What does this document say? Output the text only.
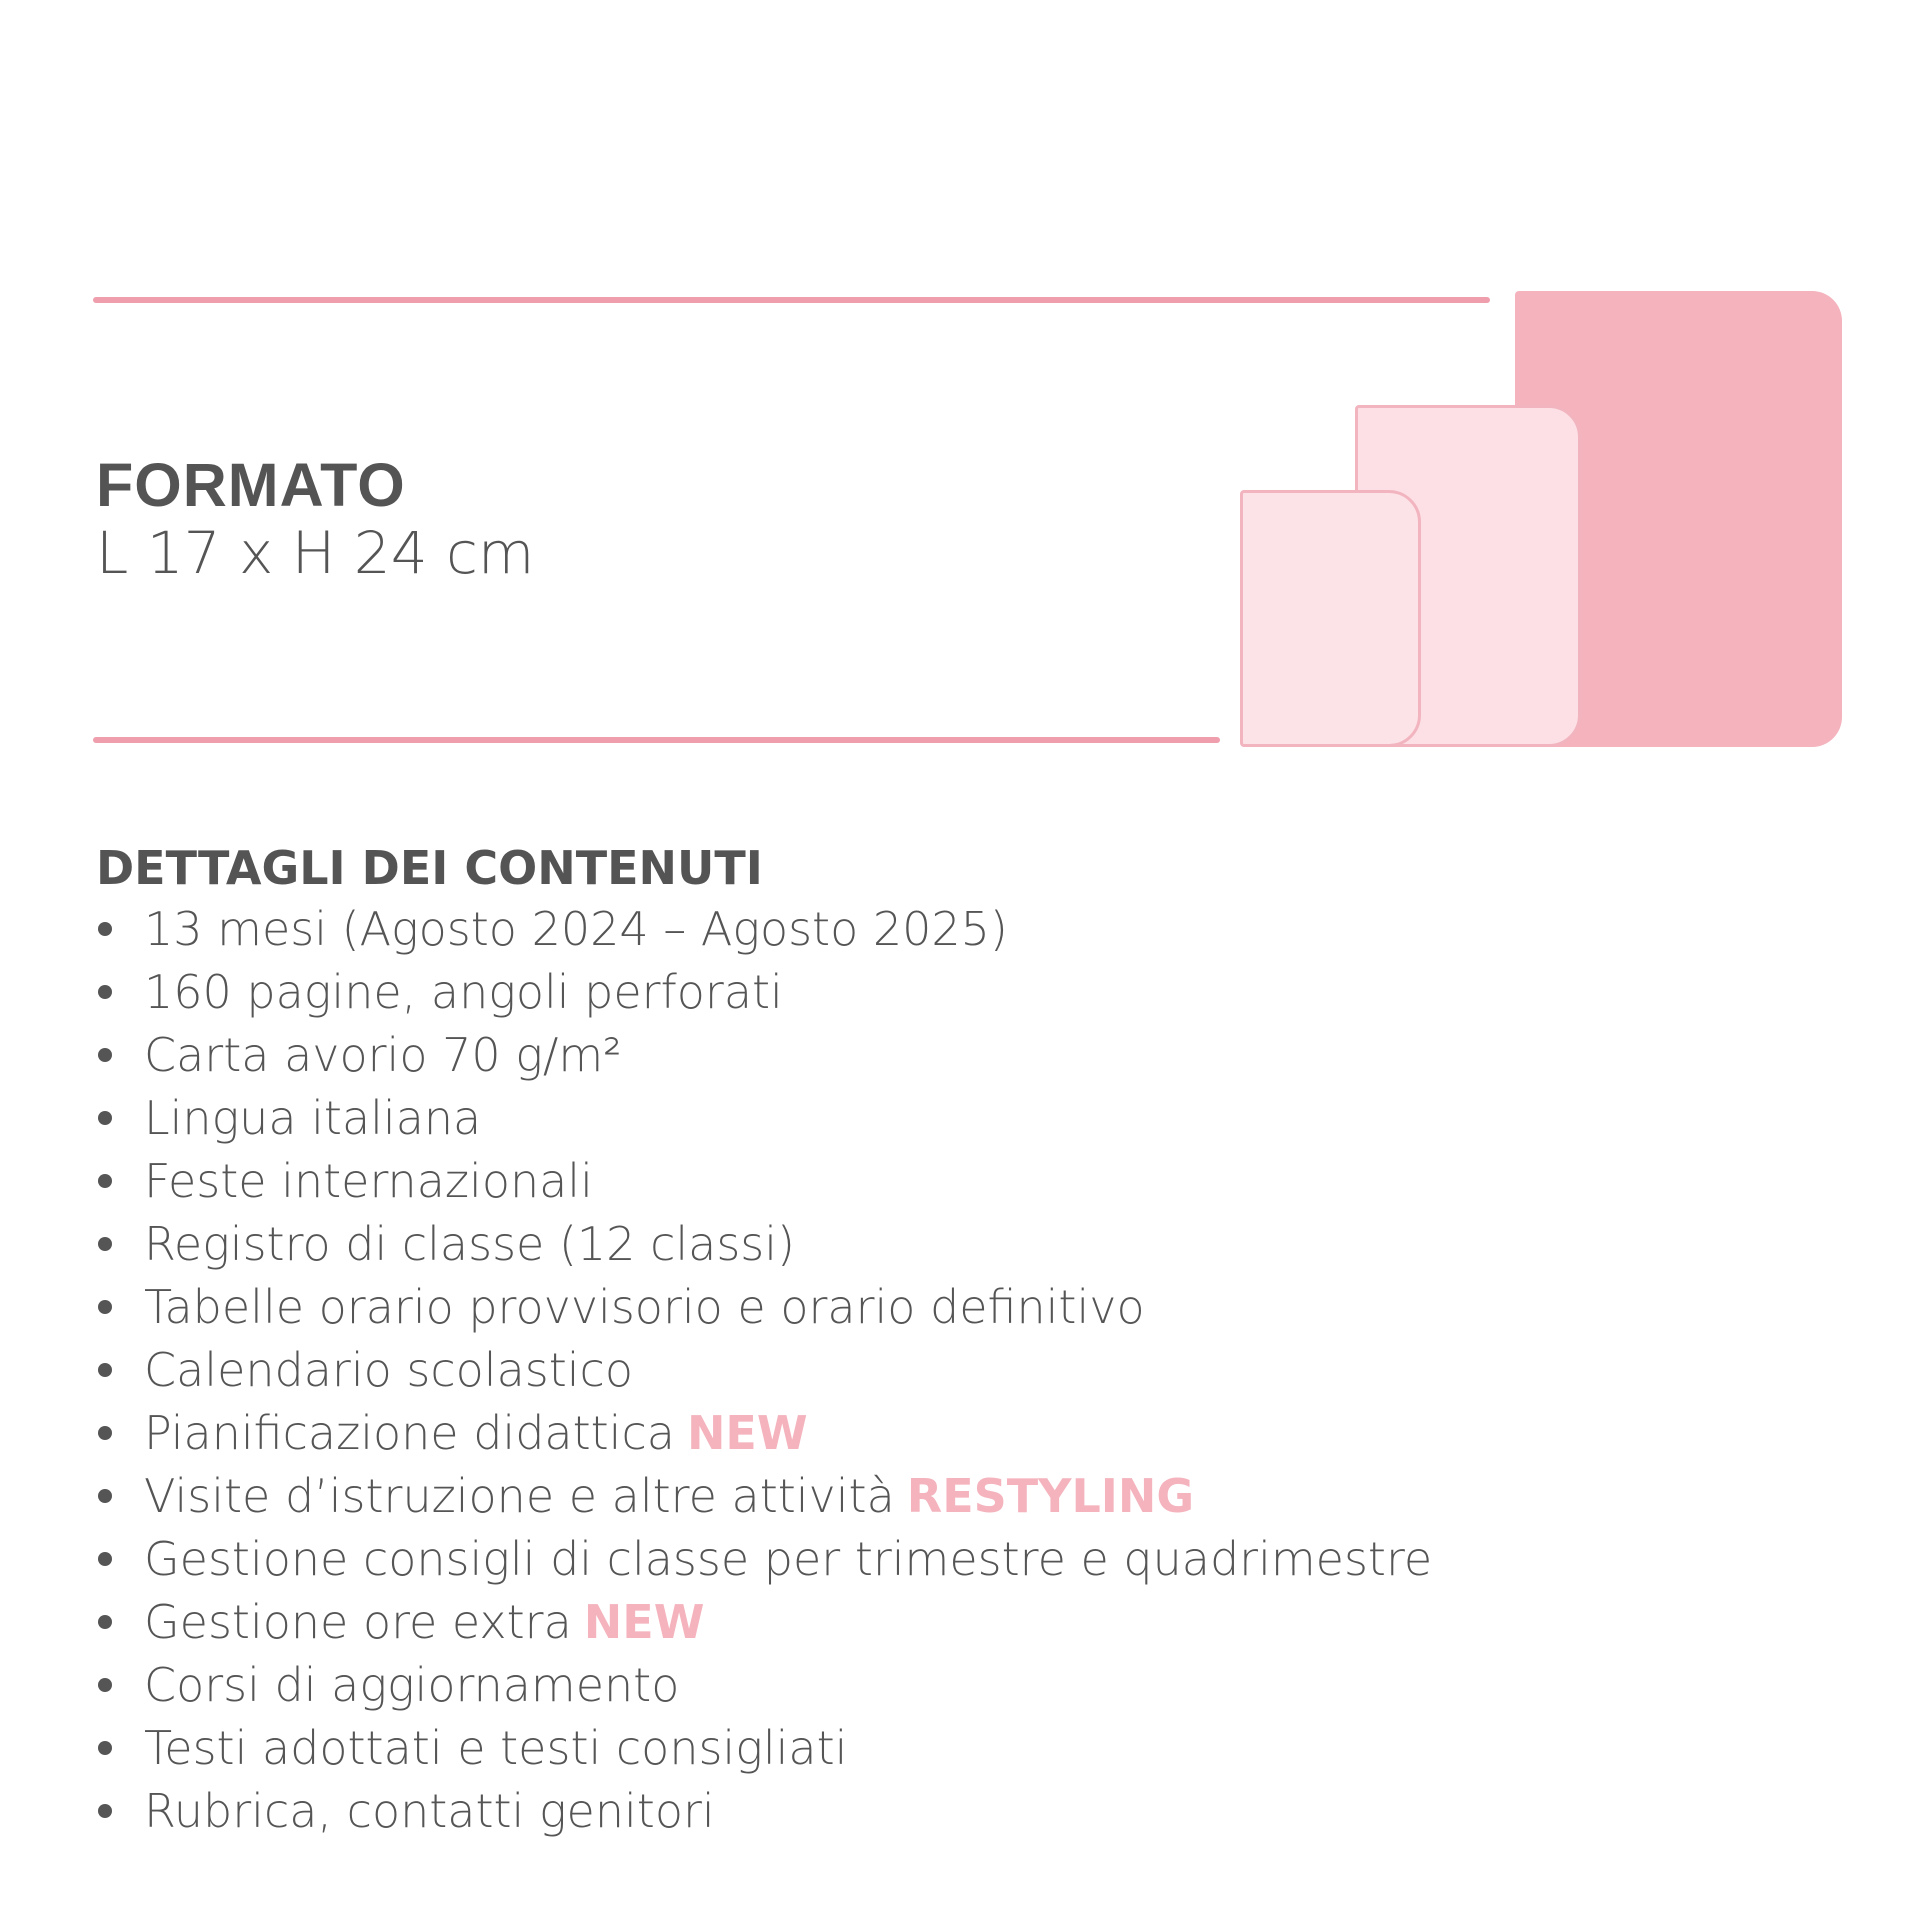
FORMATO

L 17 x H 24 cm

DETTAGLI DEI CONTENUTI
13 mesi (Agosto 2024 – Agosto 2025)
160 pagine, angoli perforati
Carta avorio 70 g/m²
Lingua italiana
Feste internazionali
Registro di classe (12 classi)
Tabelle orario provvisorio e orario definitivo
Calendario scolastico
Pianificazione didattica NEW
Visite d’istruzione e altre attività RESTYLING
Gestione consigli di classe per trimestre e quadrimestre
Gestione ore extra NEW
Corsi di aggiornamento
Testi adottati e testi consigliati
Rubrica, contatti genitori
